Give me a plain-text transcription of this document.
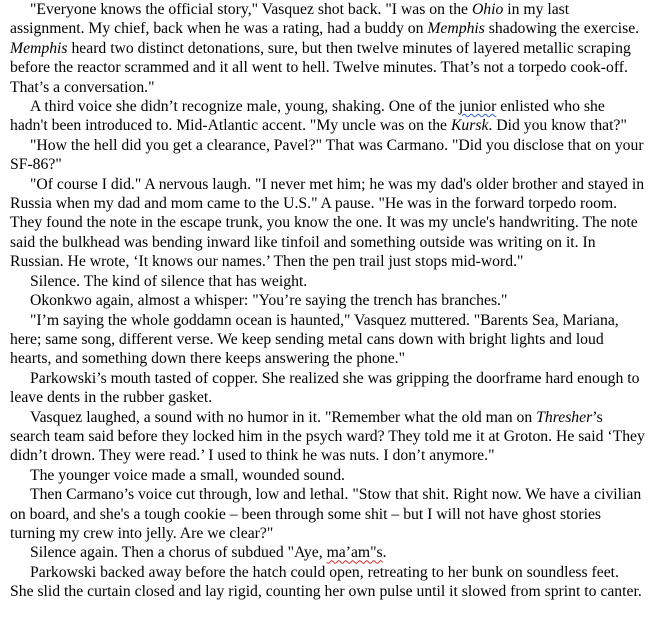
"Everyone knows the official story," Vasquez shot back. "I was on the Ohio in my last assignment. My chief, back when he was a rating, had a buddy on Memphis shadowing the exercise. Memphis heard two distinct detonations, sure, but then twelve minutes of layered metallic scraping before the reactor scrammed and it all went to hell. Twelve minutes. That’s not a torpedo cook-off. That’s a conversation."

A third voice she didn’t recognize male, young, shaking. One of the junior enlisted who she hadn't been introduced to. Mid-Atlantic accent. "My uncle was on the Kursk. Did you know that?"

"How the hell did you get a clearance, Pavel?" That was Carmano. "Did you disclose that on your SF-86?"

"Of course I did." A nervous laugh. "I never met him; he was my dad's older brother and stayed in Russia when my dad and mom came to the U.S." A pause. "He was in the forward torpedo room. They found the note in the escape trunk, you know the one. It was my uncle's handwriting. The note said the bulkhead was bending inward like tinfoil and something outside was writing on it. In Russian. He wrote, ‘It knows our names.’ Then the pen trail just stops mid-word."

Silence. The kind of silence that has weight.

Okonkwo again, almost a whisper: "You’re saying the trench has branches."

"I’m saying the whole goddamn ocean is haunted," Vasquez muttered. "Barents Sea, Mariana, here; same song, different verse. We keep sending metal cans down with bright lights and loud hearts, and something down there keeps answering the phone."

Parkowski’s mouth tasted of copper. She realized she was gripping the doorframe hard enough to leave dents in the rubber gasket.

Vasquez laughed, a sound with no humor in it. "Remember what the old man on Thresher’s search team said before they locked him in the psych ward? They told me it at Groton. He said ‘They didn’t drown. They were read.’ I used to think he was nuts. I don’t anymore."

The younger voice made a small, wounded sound.

Then Carmano’s voice cut through, low and lethal. "Stow that shit. Right now. We have a civilian on board, and she's a tough cookie – been through some shit – but I will not have ghost stories turning my crew into jelly. Are we clear?"

Silence again. Then a chorus of subdued "Aye, ma’am"s.

Parkowski backed away before the hatch could open, retreating to her bunk on soundless feet. She slid the curtain closed and lay rigid, counting her own pulse until it slowed from sprint to canter.
